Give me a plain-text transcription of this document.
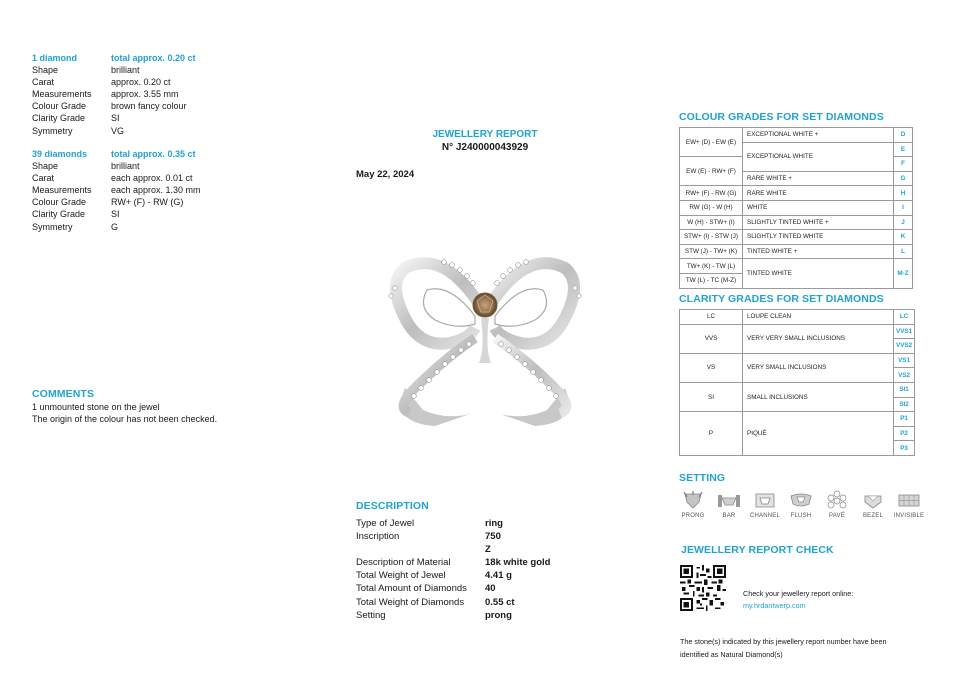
1 diamond	total approx. 0.20 ct
Shape	brilliant
Carat	approx. 0.20 ct
Measurements	approx. 3.55 mm
Colour Grade	brown fancy colour
Clarity Grade	SI
Symmetry	VG
39 diamonds	total approx. 0.35 ct
Shape	brilliant
Carat	each approx. 0.01 ct
Measurements	each approx. 1.30 mm
Colour Grade	RW+ (F) - RW (G)
Clarity Grade	SI
Symmetry	G
COMMENTS
1 unmounted stone on the jewel
The origin of the colour has not been checked.
JEWELLERY REPORT
N° J240000043929
May 22, 2024
DESCRIPTION
Type of Jewel	ring
Inscription	750
Z
Description of Material	18k white gold
Total Weight of Jewel	4.41 g
Total Amount of Diamonds	40
Total Weight of Diamonds	0.55 ct
Setting	prong
COLOUR GRADES FOR SET DIAMONDS
EW+ (D) - EW (E)	EXCEPTIONAL WHITE +	D
	EXCEPTIONAL WHITE	E
EW (E) - RW+ (F)		F
	RARE WHITE +	G
RW+ (F) - RW (G)	RARE WHITE	H
RW (G) - W (H)	WHITE	I
W (H) - STW+ (I)	SLIGHTLY TINTED WHITE +	J
STW+ (I) - STW (J)	SLIGHTLY TINTED WHITE	K
STW (J) - TW+ (K)	TINTED WHITE +	L
TW+ (K) - TW (L)	TINTED WHITE	M-Z
TW (L) - TC (M-Z)		
CLARITY GRADES FOR SET DIAMONDS
LC	LOUPE CLEAN	LC
VVS	VERY VERY SMALL INCLUSIONS	VVS1
		VVS2
VS	VERY SMALL INCLUSIONS	VS1
		VS2
SI	SMALL INCLUSIONS	SI1
		SI2
P	PIQUÉ	P1
		P2
		P3
SETTING
PRONG	BAR CHANNEL FLUSH	PAVÉ	BEZEL INVISIBLE
JEWELLERY REPORT CHECK
Check your jewellery report online:
my.hrdantwerp.com
The stone(s) indicated by this jewellery report number have been
identified as Natural Diamond(s)
